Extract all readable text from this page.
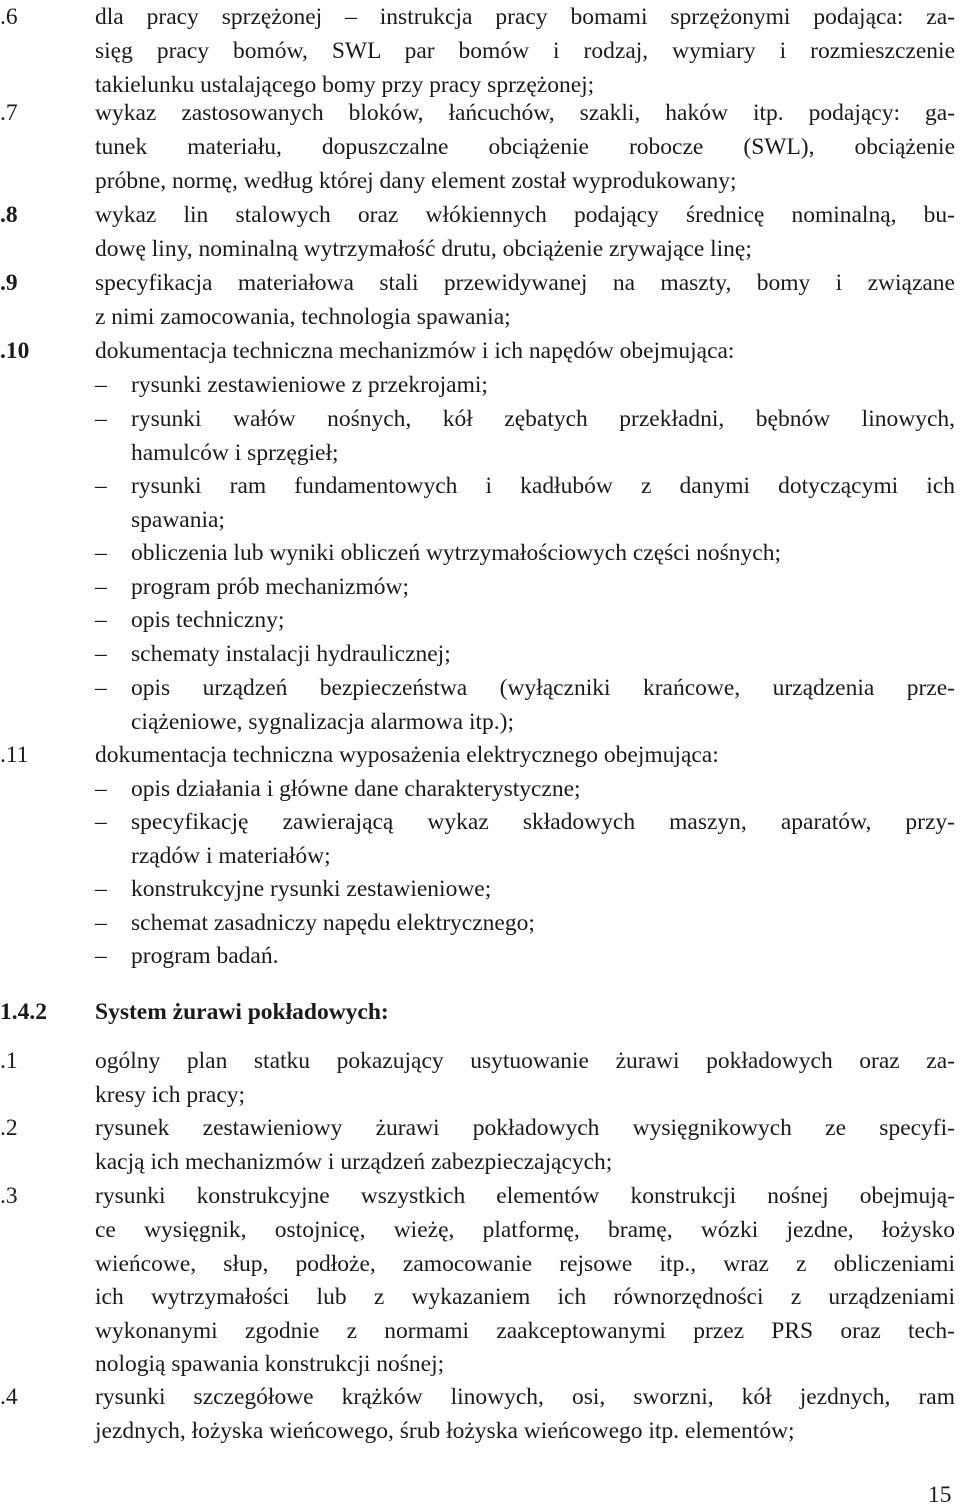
.6	dla pracy sprzężonej – instrukcja pracy bomami sprzężonymi podająca: za-
sięg pracy bomów, SWL par bomów i rodzaj, wymiary i rozmieszczenie
takielunku ustalającego bomy przy pracy sprzężonej;
.7	wykaz zastosowanych bloków, łańcuchów, szakli, haków itp. podający: ga-
tunek materiału, dopuszczalne obciążenie robocze (SWL), obciążenie
próbne, normę, według której dany element został wyprodukowany;
.8	wykaz lin stalowych oraz włókiennych podający średnicę nominalną, bu-
dowę liny, nominalną wytrzymałość drutu, obciążenie zrywające linę;
.9	specyfikacja materiałowa stali przewidywanej na maszty, bomy i związane
z nimi zamocowania, technologia spawania;
.10	dokumentacja techniczna mechanizmów i ich napędów obejmująca:
–	rysunki zestawieniowe z przekrojami;
–	rysunki wałów nośnych, kół zębatych przekładni, bębnów linowych,
hamulców i sprzęgieł;
–	rysunki ram fundamentowych i kadłubów z danymi dotyczącymi ich
spawania;
–	obliczenia lub wyniki obliczeń wytrzymałościowych części nośnych;
–	program prób mechanizmów;
–	opis techniczny;
–	schematy instalacji hydraulicznej;
–	opis urządzeń bezpieczeństwa (wyłączniki krańcowe, urządzenia prze-
ciążeniowe, sygnalizacja alarmowa itp.);
.11	dokumentacja techniczna wyposażenia elektrycznego obejmująca:
–	opis działania i główne dane charakterystyczne;
–	specyfikację zawierającą wykaz składowych maszyn, aparatów, przy-
rządów i materiałów;
–	konstrukcyjne rysunki zestawieniowe;
–	schemat zasadniczy napędu elektrycznego;
–	program badań.
1.4.2	System żurawi pokładowych:
.1	ogólny plan statku pokazujący usytuowanie żurawi pokładowych oraz za-
kresy ich pracy;
.2	rysunek zestawieniowy żurawi pokładowych wysięgnikowych ze specyfi-
kacją ich mechanizmów i urządzeń zabezpieczających;
.3	rysunki konstrukcyjne wszystkich elementów konstrukcji nośnej obejmują-
ce wysięgnik, ostojnicę, wieżę, platformę, bramę, wózki jezdne, łożysko
wieńcowe, słup, podłoże, zamocowanie rejsowe itp., wraz z obliczeniami
ich wytrzymałości lub z wykazaniem ich równorzędności z urządzeniami
wykonanymi zgodnie z normami zaakceptowanymi przez PRS oraz tech-
nologią spawania konstrukcji nośnej;
.4	rysunki szczegółowe krążków linowych, osi, sworzni, kół jezdnych, ram
jezdnych, łożyska wieńcowego, śrub łożyska wieńcowego itp. elementów;
15
